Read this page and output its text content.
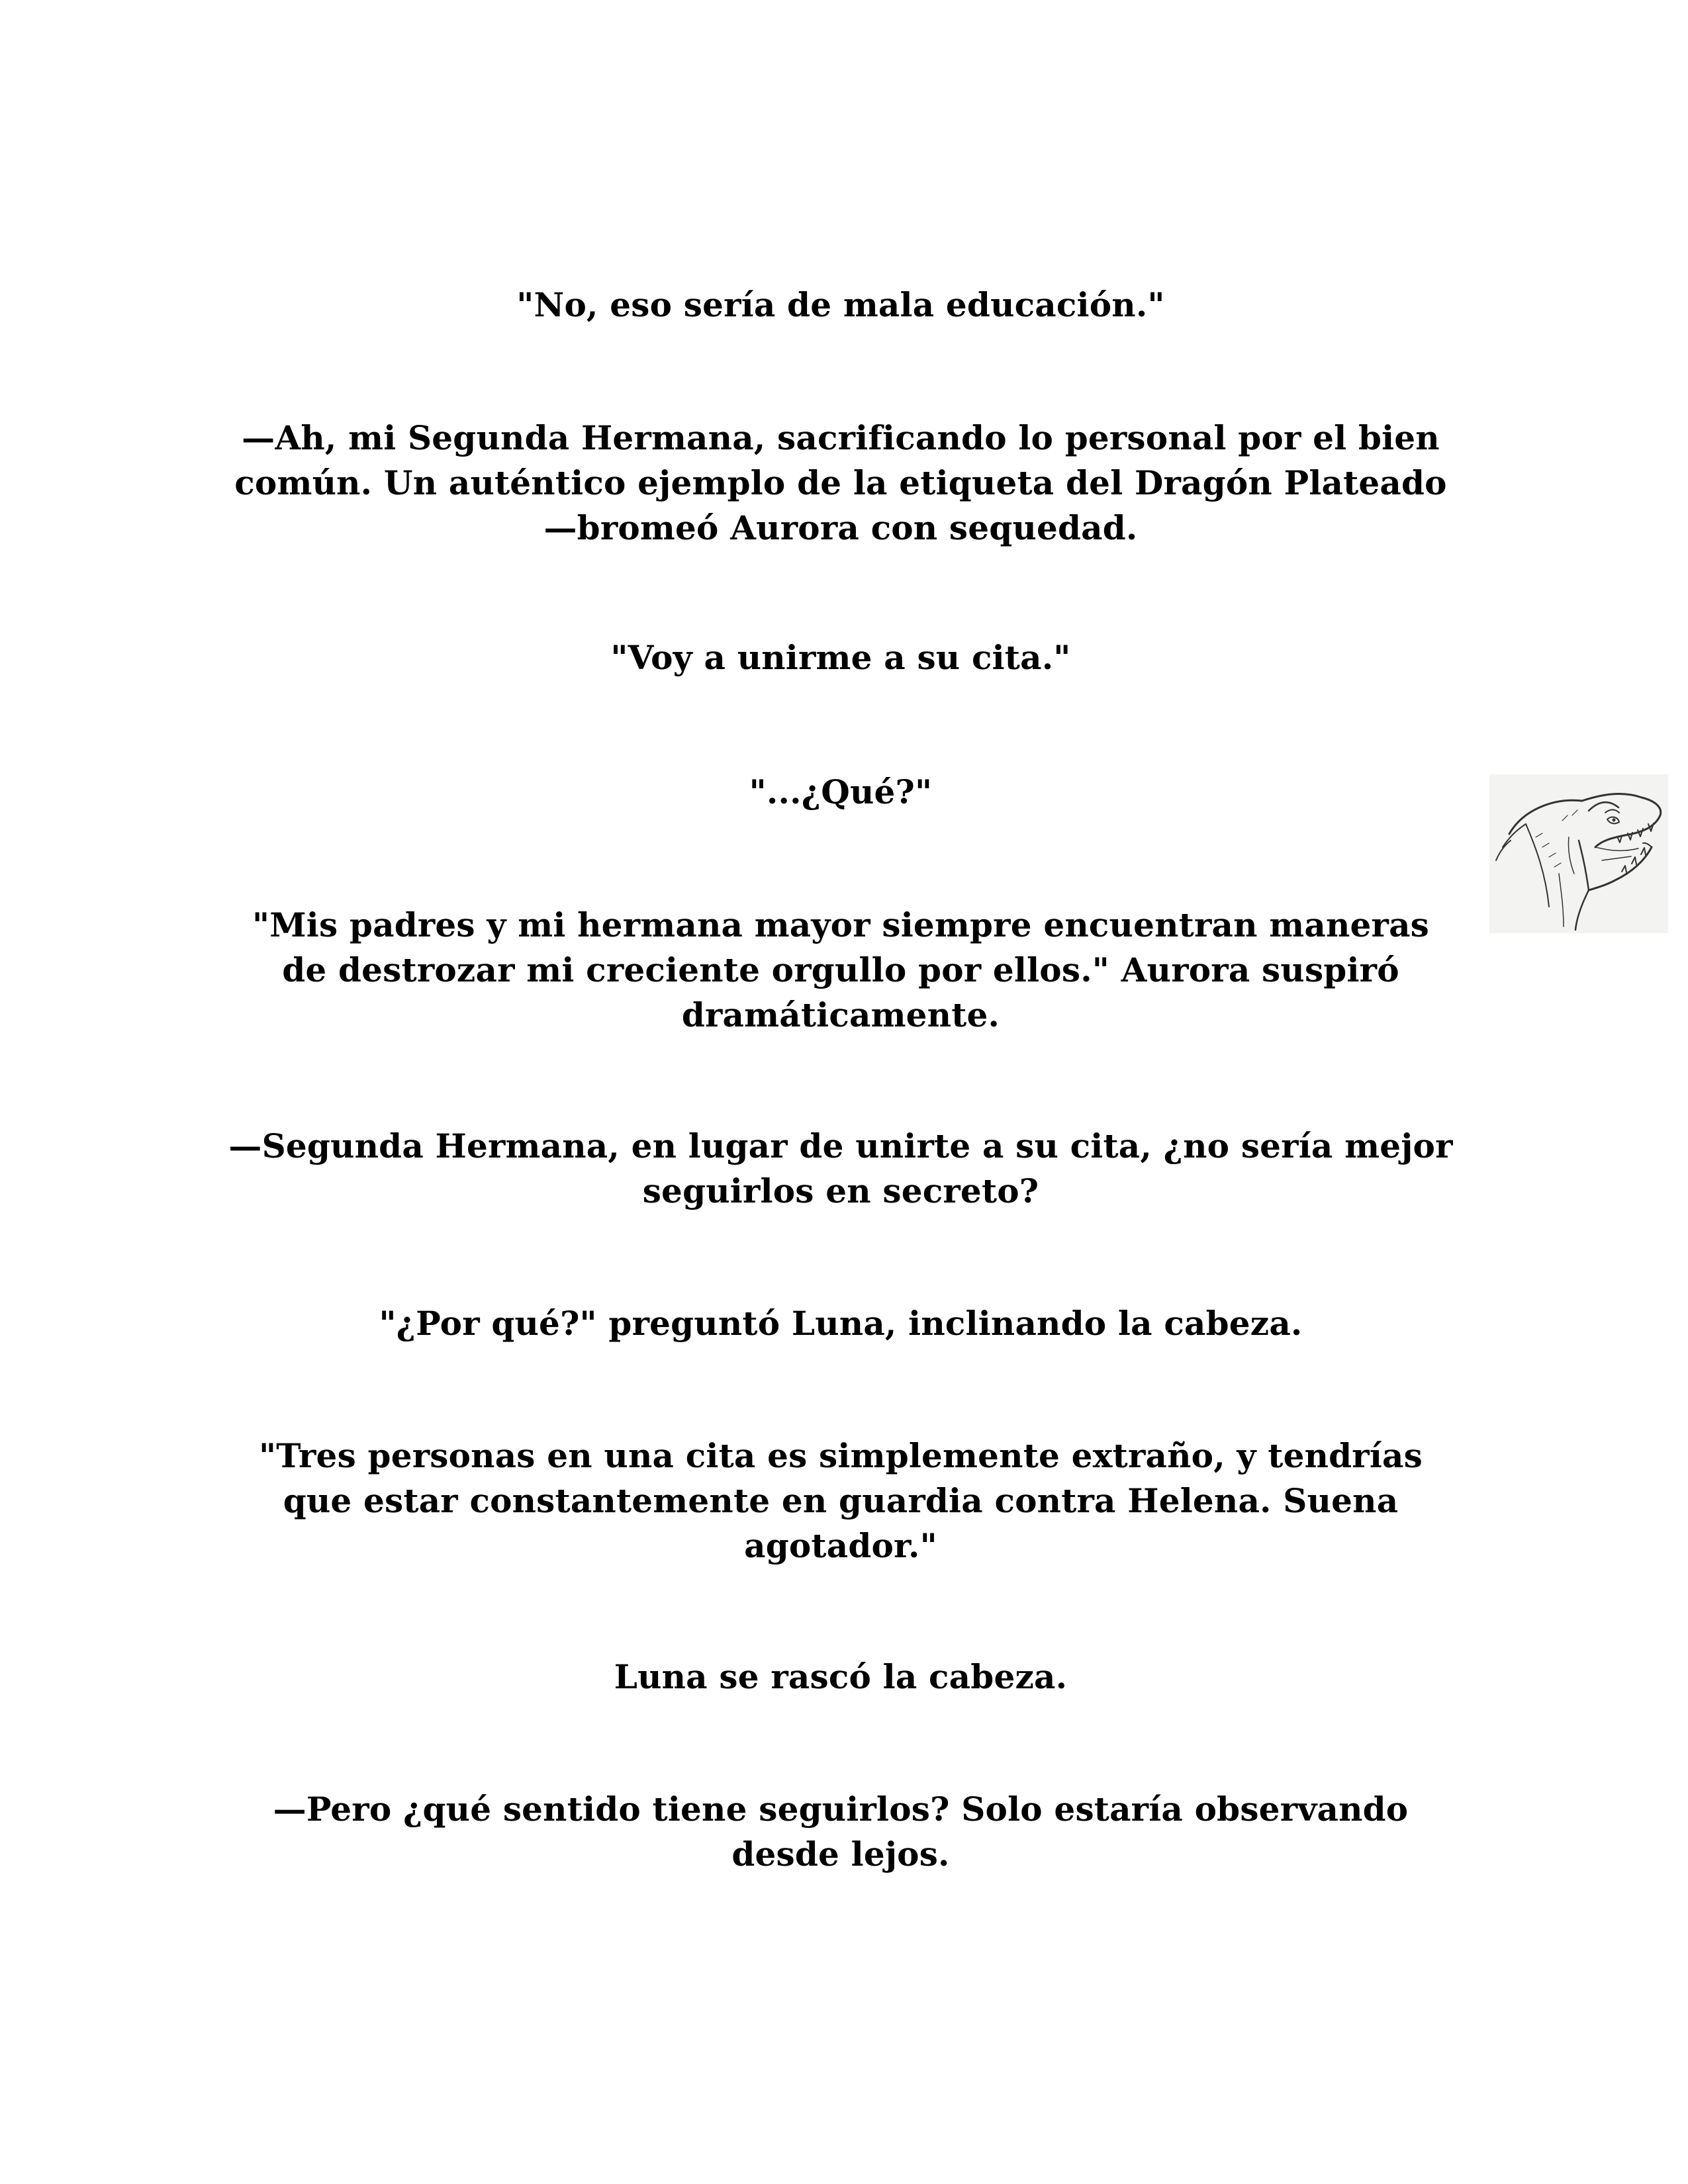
"No, eso sería de mala educación."

—Ah, mi Segunda Hermana, sacrificando lo personal por el bien común. Un auténtico ejemplo de la etiqueta del Dragón Plateado —bromeó Aurora con sequedad.

"Voy a unirme a su cita."

"...¿Qué?"

"Mis padres y mi hermana mayor siempre encuentran maneras de destrozar mi creciente orgullo por ellos." Aurora suspiró dramáticamente.

—Segunda Hermana, en lugar de unirte a su cita, ¿no sería mejor seguirlos en secreto?

"¿Por qué?" preguntó Luna, inclinando la cabeza.

"Tres personas en una cita es simplemente extraño, y tendrías que estar constantemente en guardia contra Helena. Suena agotador."

Luna se rascó la cabeza.

—Pero ¿qué sentido tiene seguirlos? Solo estaría observando desde lejos.
